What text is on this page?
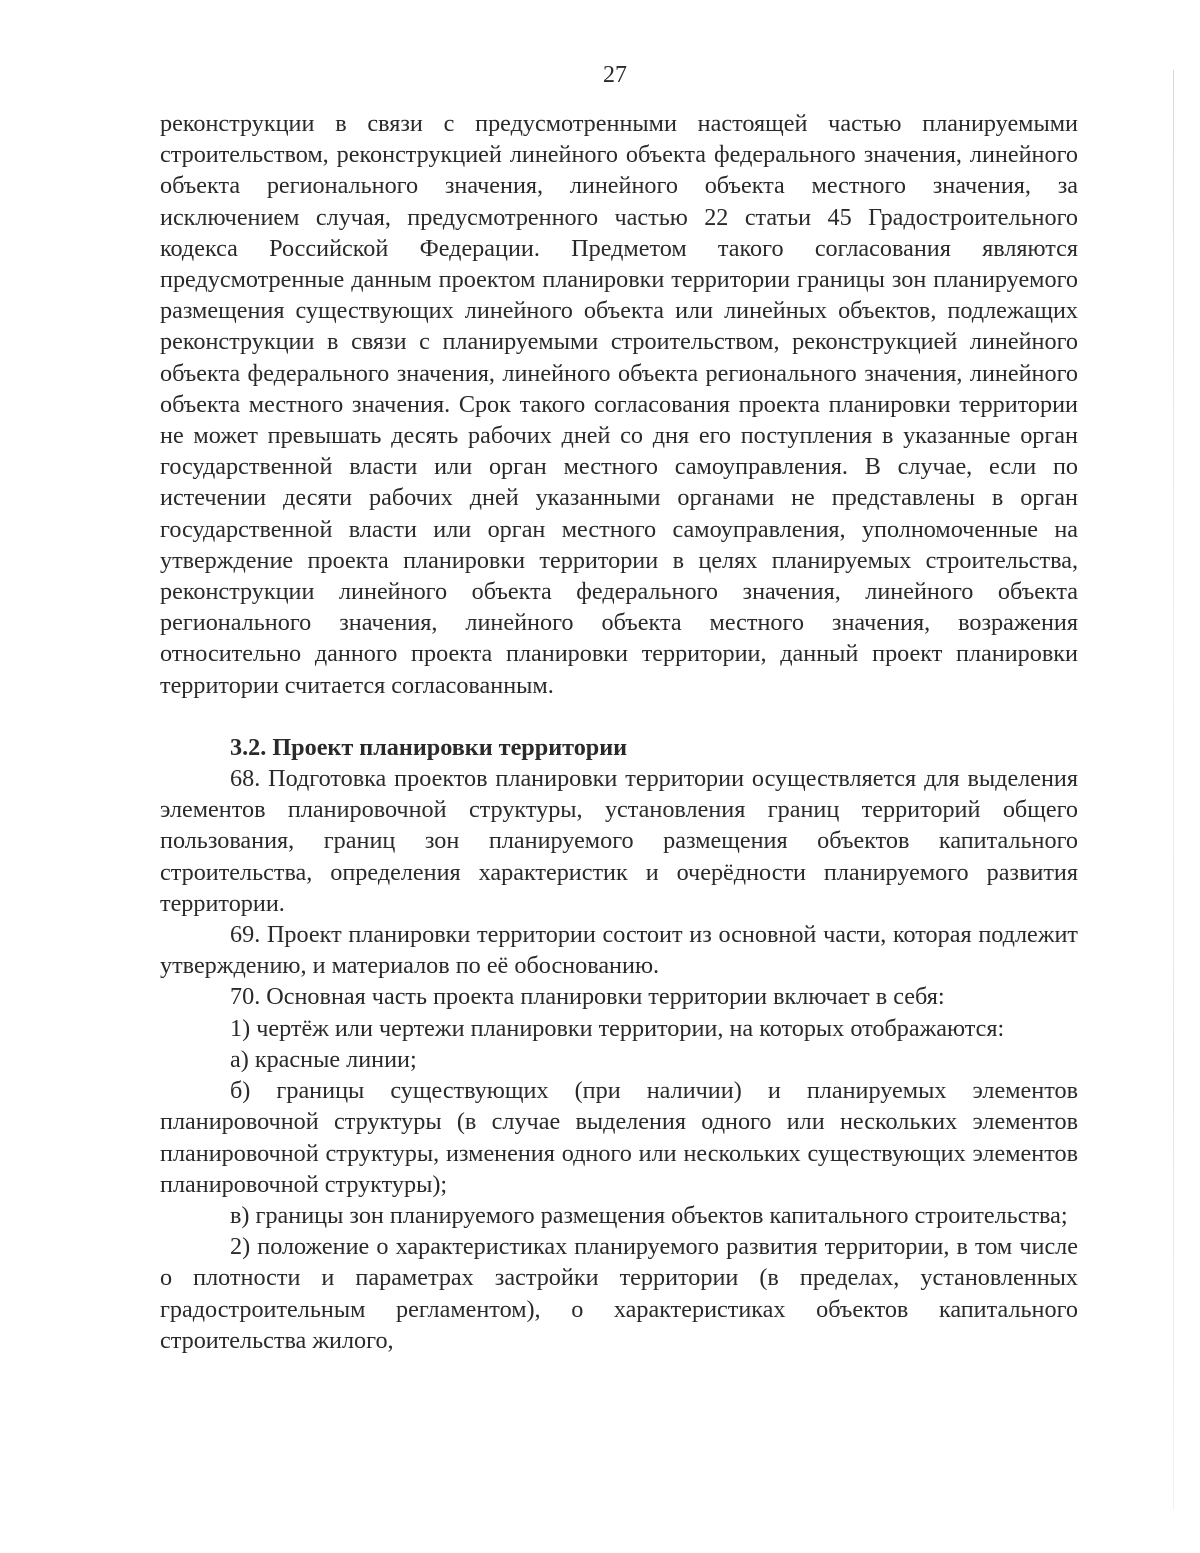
27

реконструкции в связи с предусмотренными настоящей частью планируемыми строительством, реконструкцией линейного объекта федерального значения, линейного объекта регионального значения, линейного объекта местного значения, за исключением случая, предусмотренного частью 22 статьи 45 Градостроительного кодекса Российской Федерации. Предметом такого согласования являются предусмотренные данным проектом планировки территории границы зон планируемого размещения существующих линейного объекта или линейных объектов, подлежащих реконструкции в связи с планируемыми строительством, реконструкцией линейного объекта федерального значения, линейного объекта регионального значения, линейного объекта местного значения. Срок такого согласования проекта планировки территории не может превышать десять рабочих дней со дня его поступления в указанные орган государственной власти или орган местного самоуправления. В случае, если по истечении десяти рабочих дней указанными органами не представлены в орган государственной власти или орган местного самоуправления, уполномоченные на утверждение проекта планировки территории в целях планируемых строительства, реконструкции линейного объекта федерального значения, линейного объекта регионального значения, линейного объекта местного значения, возражения относительно данного проекта планировки территории, данный проект планировки территории считается согласованным.

3.2. Проект планировки территории

68. Подготовка проектов планировки территории осуществляется для выделения элементов планировочной структуры, установления границ территорий общего пользования, границ зон планируемого размещения объектов капитального строительства, определения характеристик и очерёдности планируемого развития территории.

69. Проект планировки территории состоит из основной части, которая подлежит утверждению, и материалов по её обоснованию.

70. Основная часть проекта планировки территории включает в себя:

1) чертёж или чертежи планировки территории, на которых отображаются:

а) красные линии;

б) границы существующих (при наличии) и планируемых элементов планировочной структуры (в случае выделения одного или нескольких элементов планировочной структуры, изменения одного или нескольких существующих элементов планировочной структуры);

в) границы зон планируемого размещения объектов капитального строительства;

2) положение о характеристиках планируемого развития территории, в том числе о плотности и параметрах застройки территории (в пределах, установленных градостроительным регламентом), о характеристиках объектов капитального строительства жилого,
